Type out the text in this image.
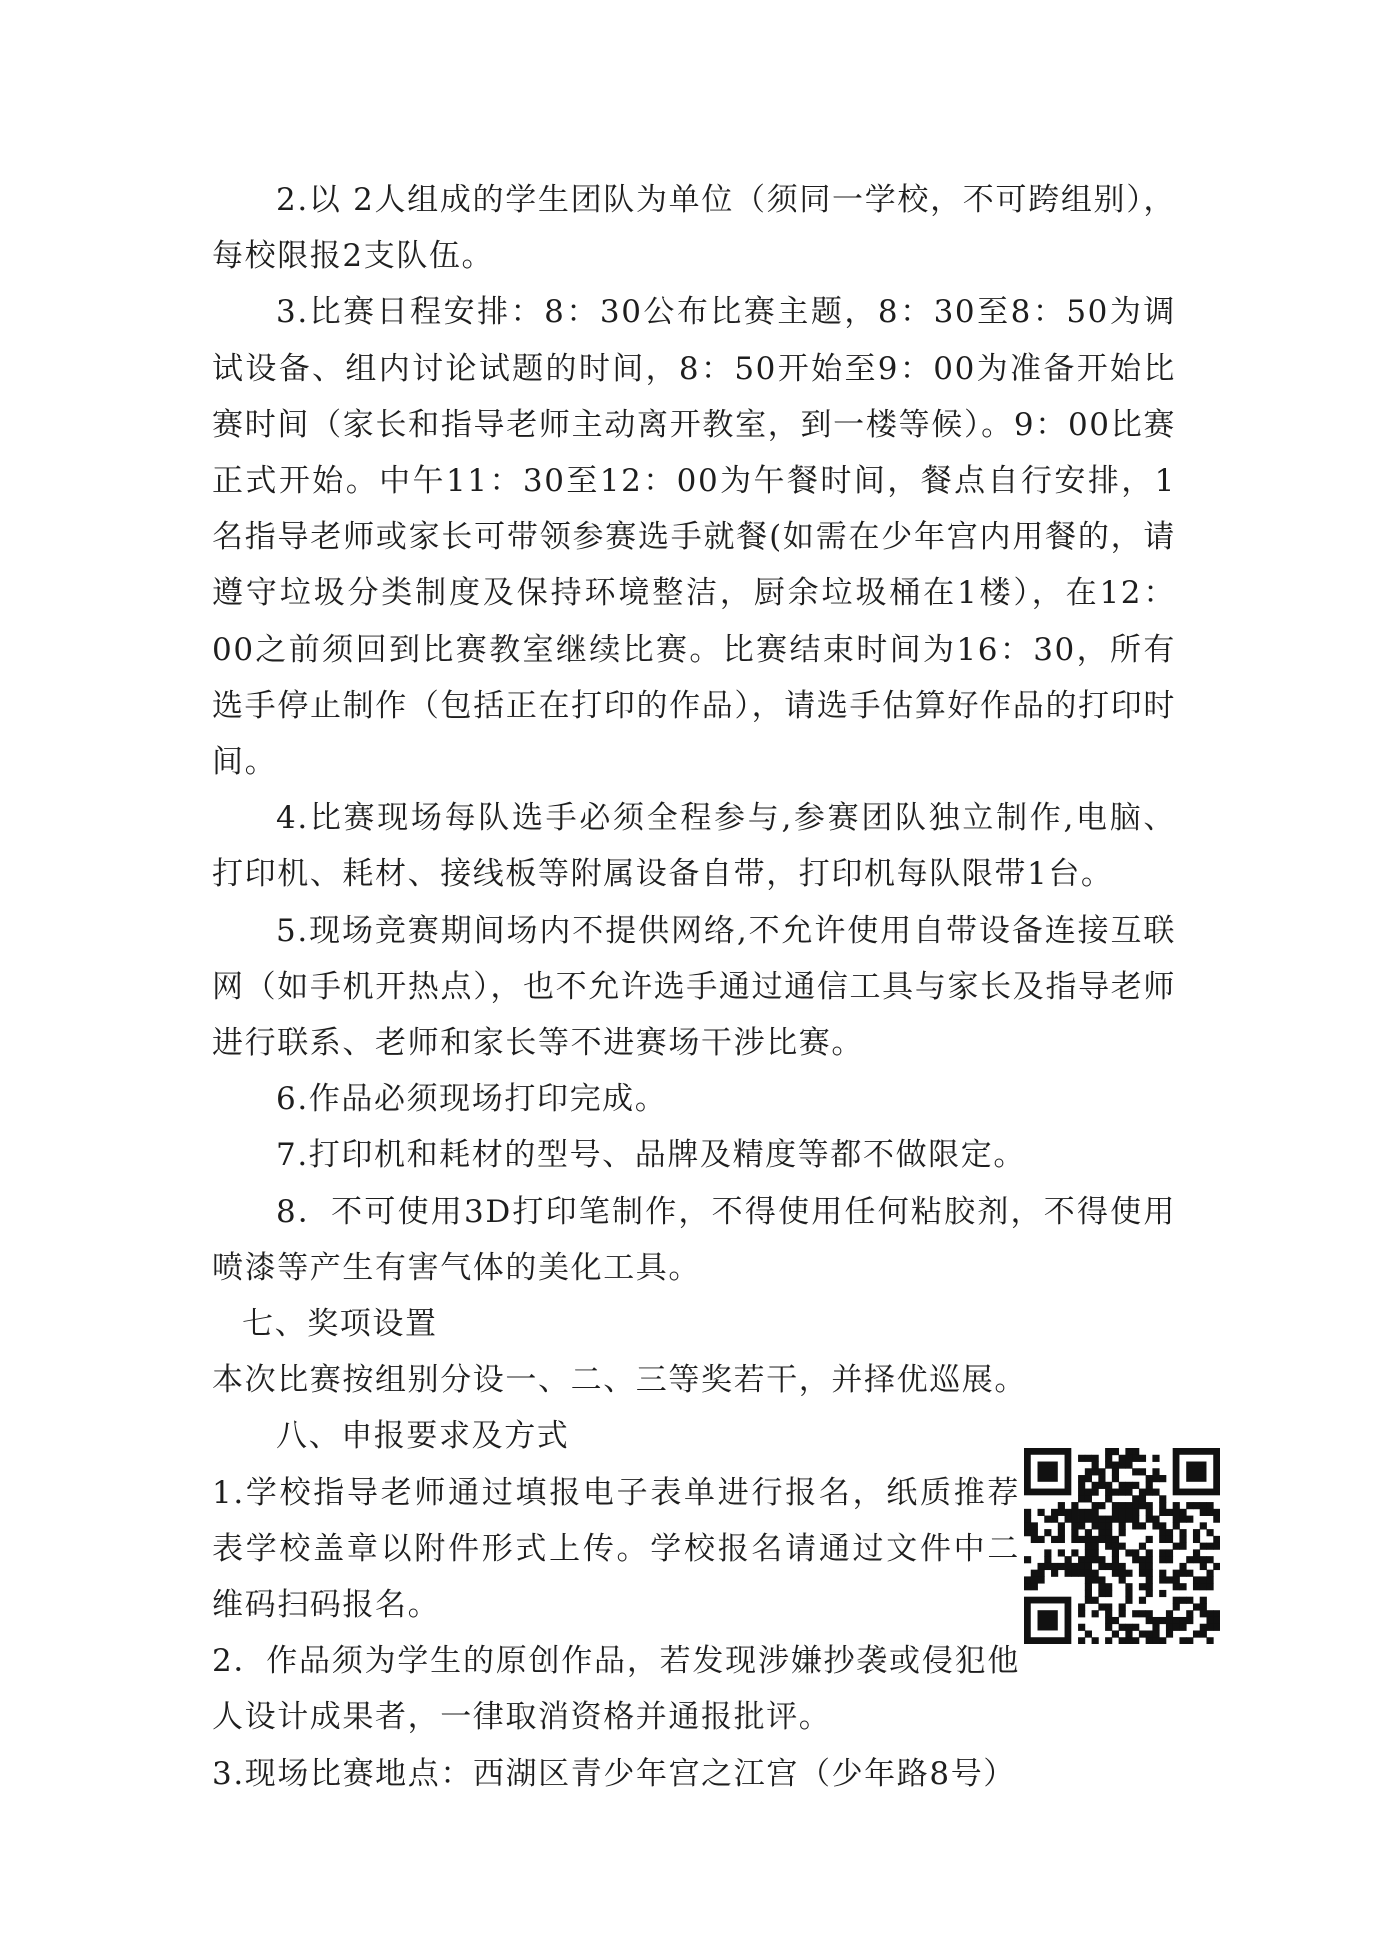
2.以 2人组成的学生团队为单位（须同一学校，不可跨组别），每校限报2支队伍。

3.比赛日程安排：8：30公布比赛主题，8：30至8：50为调试设备、组内讨论试题的时间，8：50开始至9：00为准备开始比赛时间（家长和指导老师主动离开教室，到一楼等候）。9：00比赛正式开始。中午11：30至12：00为午餐时间，餐点自行安排，1名指导老师或家长可带领参赛选手就餐(如需在少年宫内用餐的，请遵守垃圾分类制度及保持环境整洁，厨余垃圾桶在1楼），在12：00之前须回到比赛教室继续比赛。比赛结束时间为16：30，所有选手停止制作（包括正在打印的作品），请选手估算好作品的打印时间。

4.比赛现场每队选手必须全程参与,参赛团队独立制作,电脑、打印机、耗材、接线板等附属设备自带，打印机每队限带1台。

5.现场竞赛期间场内不提供网络,不允许使用自带设备连接互联网（如手机开热点），也不允许选手通过通信工具与家长及指导老师进行联系、老师和家长等不进赛场干涉比赛。

6.作品必须现场打印完成。

7.打印机和耗材的型号、品牌及精度等都不做限定。

8．不可使用3D打印笔制作，不得使用任何粘胶剂，不得使用喷漆等产生有害气体的美化工具。

七、奖项设置

本次比赛按组别分设一、二、三等奖若干，并择优巡展。

八、申报要求及方式

1.学校指导老师通过填报电子表单进行报名，纸质推荐表学校盖章以附件形式上传。学校报名请通过文件中二维码扫码报名。

2．作品须为学生的原创作品，若发现涉嫌抄袭或侵犯他人设计成果者，一律取消资格并通报批评。

3.现场比赛地点：西湖区青少年宫之江宫（少年路8号）
